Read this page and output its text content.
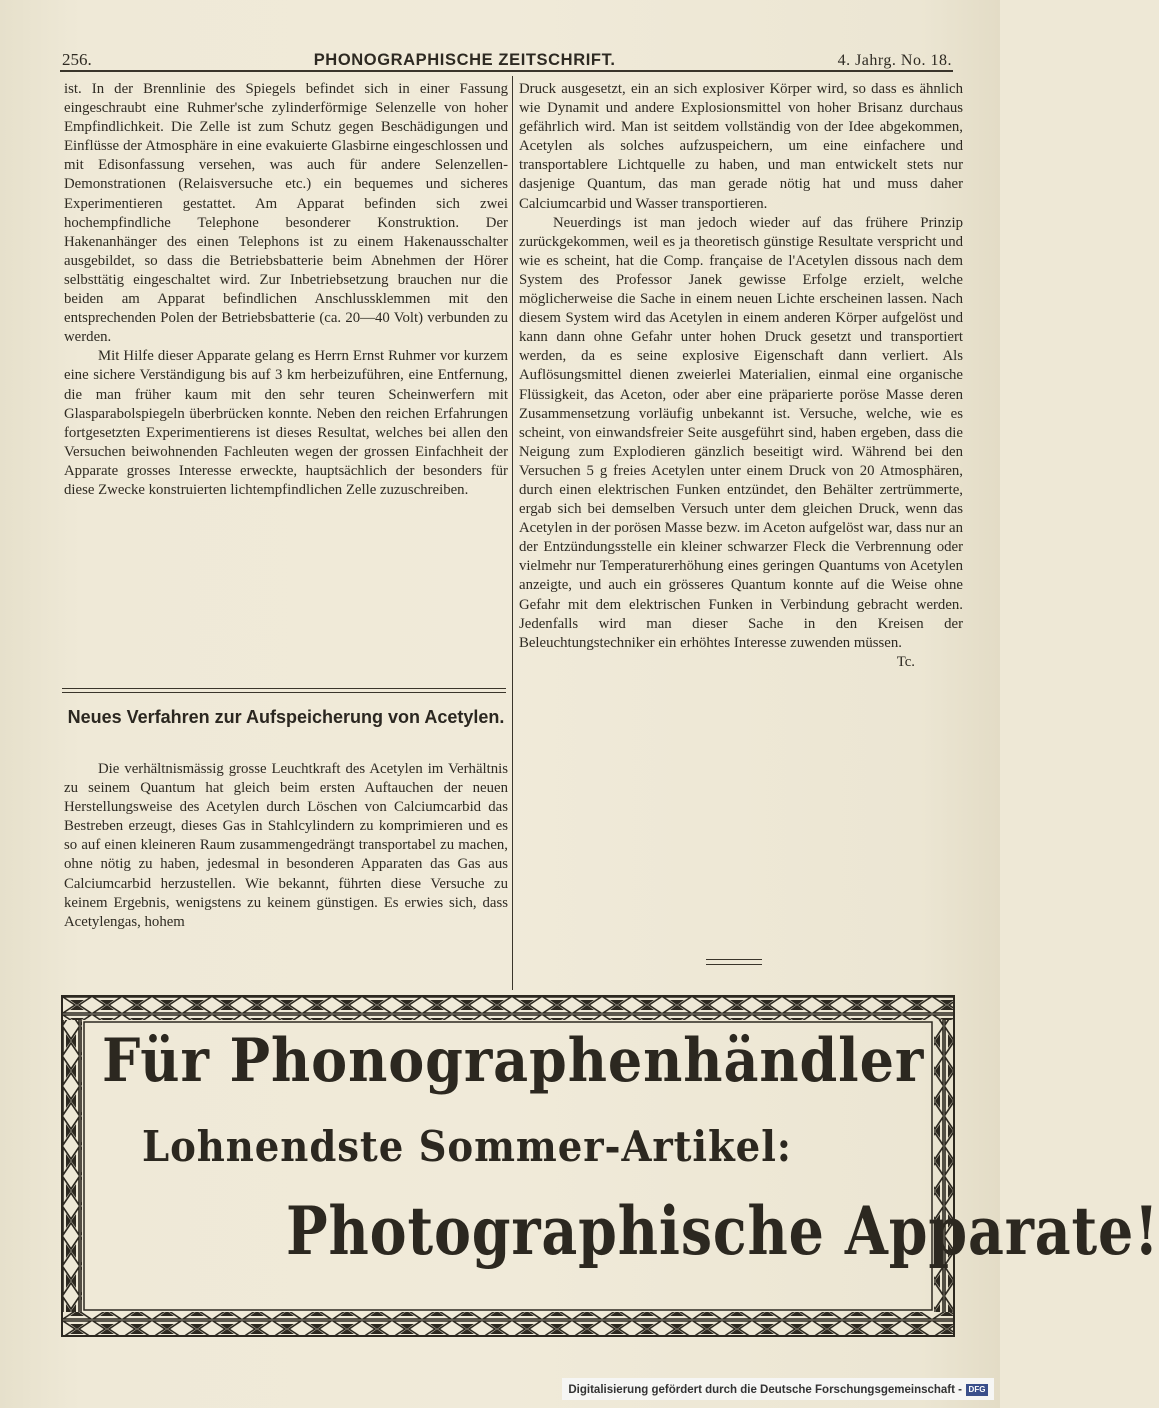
256.	PHONOGRAPHISCHE ZEITSCHRIFT.	4. Jahrg. No. 18.

ist. In der Brennlinie des Spiegels befindet sich in einer Fassung eingeschraubt eine Ruhmer'sche zylinderförmige Selenzelle von hoher Empfindlichkeit. Die Zelle ist zum Schutz gegen Beschädigungen und Einflüsse der Atmosphäre in eine evakuierte Glasbirne eingeschlossen und mit Edisonfassung versehen, was auch für andere Selenzellen-Demonstrationen (Relaisversuche etc.) ein bequemes und sicheres Experimentieren gestattet. Am Apparat befinden sich zwei hochempfindliche Telephone besonderer Konstruktion. Der Hakenanhänger des einen Telephons ist zu einem Hakenausschalter ausgebildet, so dass die Betriebsbatterie beim Abnehmen der Hörer selbsttätig eingeschaltet wird. Zur Inbetriebsetzung brauchen nur die beiden am Apparat befindlichen Anschlussklemmen mit den entsprechenden Polen der Betriebsbatterie (ca. 20—40 Volt) verbunden zu werden.

Mit Hilfe dieser Apparate gelang es Herrn Ernst Ruhmer vor kurzem eine sichere Verständigung bis auf 3 km herbeizuführen, eine Entfernung, die man früher kaum mit den sehr teuren Scheinwerfern mit Glasparabolspiegeln überbrücken konnte. Neben den reichen Erfahrungen fortgesetzten Experimentierens ist dieses Resultat, welches bei allen den Versuchen beiwohnenden Fachleuten wegen der grossen Einfachheit der Apparate grosses Interesse erweckte, hauptsächlich der besonders für diese Zwecke konstruierten lichtempfindlichen Zelle zuzuschreiben.

Neues Verfahren zur Aufspeicherung von Acetylen.

Die verhältnismässig grosse Leuchtkraft des Acetylen im Verhältnis zu seinem Quantum hat gleich beim ersten Auftauchen der neuen Herstellungsweise des Acetylen durch Löschen von Calciumcarbid das Bestreben erzeugt, dieses Gas in Stahlcylindern zu komprimieren und es so auf einen kleineren Raum zusammengedrängt transportabel zu machen, ohne nötig zu haben, jedesmal in besonderen Apparaten das Gas aus Calciumcarbid herzustellen. Wie bekannt, führten diese Versuche zu keinem Ergebnis, wenigstens zu keinem günstigen. Es erwies sich, dass Acetylengas, hohem

Druck ausgesetzt, ein an sich explosiver Körper wird, so dass es ähnlich wie Dynamit und andere Explosionsmittel von hoher Brisanz durchaus gefährlich wird. Man ist seitdem vollständig von der Idee abgekommen, Acetylen als solches aufzuspeichern, um eine einfachere und transportablere Lichtquelle zu haben, und man entwickelt stets nur dasjenige Quantum, das man gerade nötig hat und muss daher Calciumcarbid und Wasser transportieren.

Neuerdings ist man jedoch wieder auf das frühere Prinzip zurückgekommen, weil es ja theoretisch günstige Resultate verspricht und wie es scheint, hat die Comp. française de l'Acetylen dissous nach dem System des Professor Janek gewisse Erfolge erzielt, welche möglicherweise die Sache in einem neuen Lichte erscheinen lassen. Nach diesem System wird das Acetylen in einem anderen Körper aufgelöst und kann dann ohne Gefahr unter hohen Druck gesetzt und transportiert werden, da es seine explosive Eigenschaft dann verliert. Als Auflösungsmittel dienen zweierlei Materialien, einmal eine organische Flüssigkeit, das Aceton, oder aber eine präparierte poröse Masse deren Zusammensetzung vorläufig unbekannt ist. Versuche, welche, wie es scheint, von einwandsfreier Seite ausgeführt sind, haben ergeben, dass die Neigung zum Explodieren gänzlich beseitigt wird. Während bei den Versuchen 5 g freies Acetylen unter einem Druck von 20 Atmosphären, durch einen elektrischen Funken entzündet, den Behälter zertrümmerte, ergab sich bei demselben Versuch unter dem gleichen Druck, wenn das Acetylen in der porösen Masse bezw. im Aceton aufgelöst war, dass nur an der Entzündungsstelle ein kleiner schwarzer Fleck die Verbrennung oder vielmehr nur Temperaturerhöhung eines geringen Quantums von Acetylen anzeigte, und auch ein grösseres Quantum konnte auf die Weise ohne Gefahr mit dem elektrischen Funken in Verbindung gebracht werden. Jedenfalls wird man dieser Sache in den Kreisen der Beleuchtungstechniker ein erhöhtes Interesse zuwenden müssen.
Tc.

Für Phonographenhändler
Lohnendste Sommer-Artikel:
Photographische Apparate!
Digitalisierung gefördert durch die Deutsche Forschungsgemeinschaft - DFG
